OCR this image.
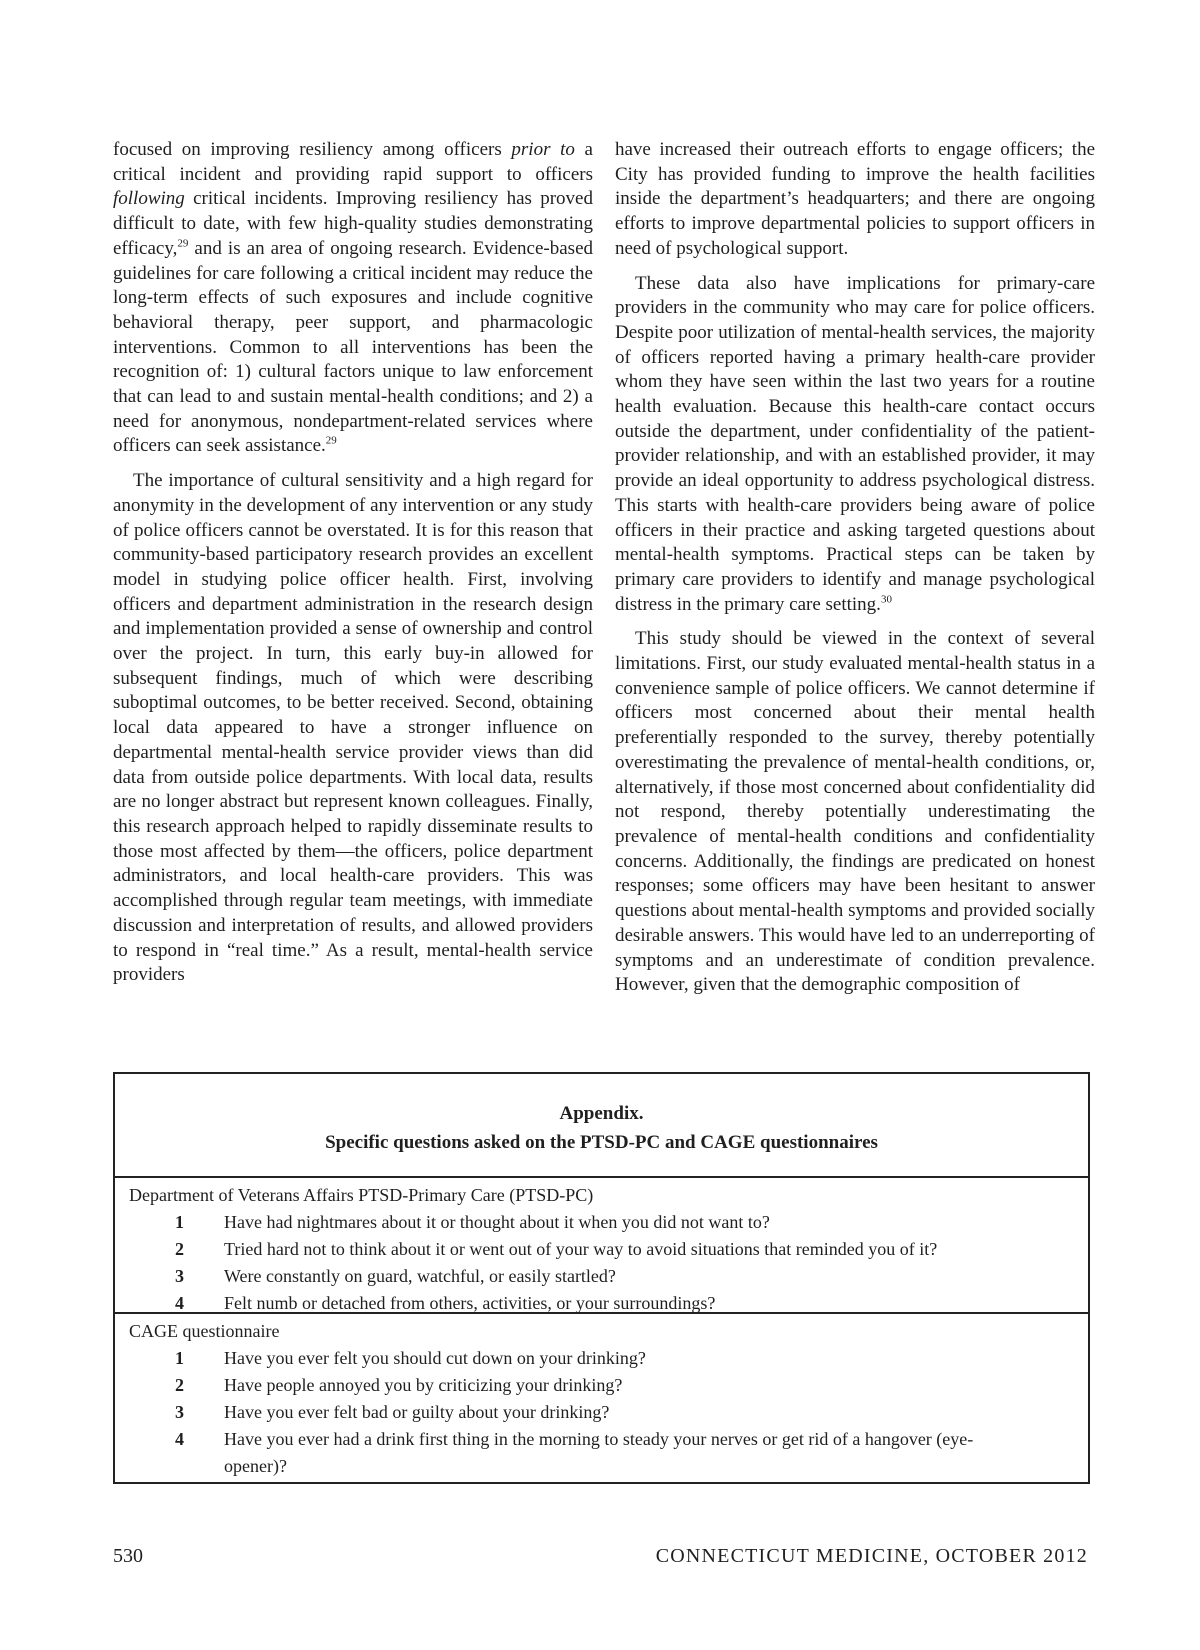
focused on improving resiliency among officers prior to a critical incident and providing rapid support to officers following critical incidents. Improving resiliency has proved difficult to date, with few high-quality studies demonstrating efficacy,$^{29}$ and is an area of ongoing research. Evidence-based guidelines for care following a critical incident may reduce the long-term effects of such exposures and include cognitive behavioral therapy, peer support, and pharmacologic interventions. Common to all interventions has been the recognition of: 1) cultural factors unique to law enforcement that can lead to and sustain mental-health conditions; and 2) a need for anonymous, nondepartment-related services where officers can seek assistance.$^{29}$

The importance of cultural sensitivity and a high regard for anonymity in the development of any intervention or any study of police officers cannot be overstated. It is for this reason that community-based participatory research provides an excellent model in studying police officer health. First, involving officers and department administration in the research design and implementation provided a sense of ownership and control over the project. In turn, this early buy-in allowed for subsequent findings, much of which were describing suboptimal outcomes, to be better received. Second, obtaining local data appeared to have a stronger influence on departmental mental-health service provider views than did data from outside police departments. With local data, results are no longer abstract but represent known colleagues. Finally, this research approach helped to rapidly disseminate results to those most affected by them—the officers, police department administrators, and local health-care providers. This was accomplished through regular team meetings, with immediate discussion and interpretation of results, and allowed providers to respond in “real time.” As a result, mental-health service providers

have increased their outreach efforts to engage officers; the City has provided funding to improve the health facilities inside the department’s headquarters; and there are ongoing efforts to improve departmental policies to support officers in need of psychological support.

These data also have implications for primary-care providers in the community who may care for police officers. Despite poor utilization of mental-health services, the majority of officers reported having a primary health-care provider whom they have seen within the last two years for a routine health evaluation. Because this health-care contact occurs outside the department, under confidentiality of the patient-provider relationship, and with an established provider, it may provide an ideal opportunity to address psychological distress. This starts with health-care providers being aware of police officers in their practice and asking targeted questions about mental-health symptoms. Practical steps can be taken by primary care providers to identify and manage psychological distress in the primary care setting.$^{30}$

This study should be viewed in the context of several limitations. First, our study evaluated mental-health status in a convenience sample of police officers. We cannot determine if officers most concerned about their mental health preferentially responded to the survey, thereby potentially overestimating the prevalence of mental-health conditions, or, alternatively, if those most concerned about confidentiality did not respond, thereby potentially underestimating the prevalence of mental-health conditions and confidentiality concerns. Additionally, the findings are predicated on honest responses; some officers may have been hesitant to answer questions about mental-health symptoms and provided socially desirable answers. This would have led to an underreporting of symptoms and an underestimate of condition prevalence. However, given that the demographic composition of

Appendix.
Specific questions asked on the PTSD-PC and CAGE questionnaires
Department of Veterans Affairs PTSD-Primary Care (PTSD-PC)
1 Have had nightmares about it or thought about it when you did not want to?
2 Tried hard not to think about it or went out of your way to avoid situations that reminded you of it?
3 Were constantly on guard, watchful, or easily startled?
4 Felt numb or detached from others, activities, or your surroundings?
CAGE questionnaire
1 Have you ever felt you should cut down on your drinking?
2 Have people annoyed you by criticizing your drinking?
3 Have you ever felt bad or guilty about your drinking?
4 Have you ever had a drink first thing in the morning to steady your nerves or get rid of a hangover (eye-opener)?
530	CONNECTICUT MEDICINE, OCTOBER 2012
